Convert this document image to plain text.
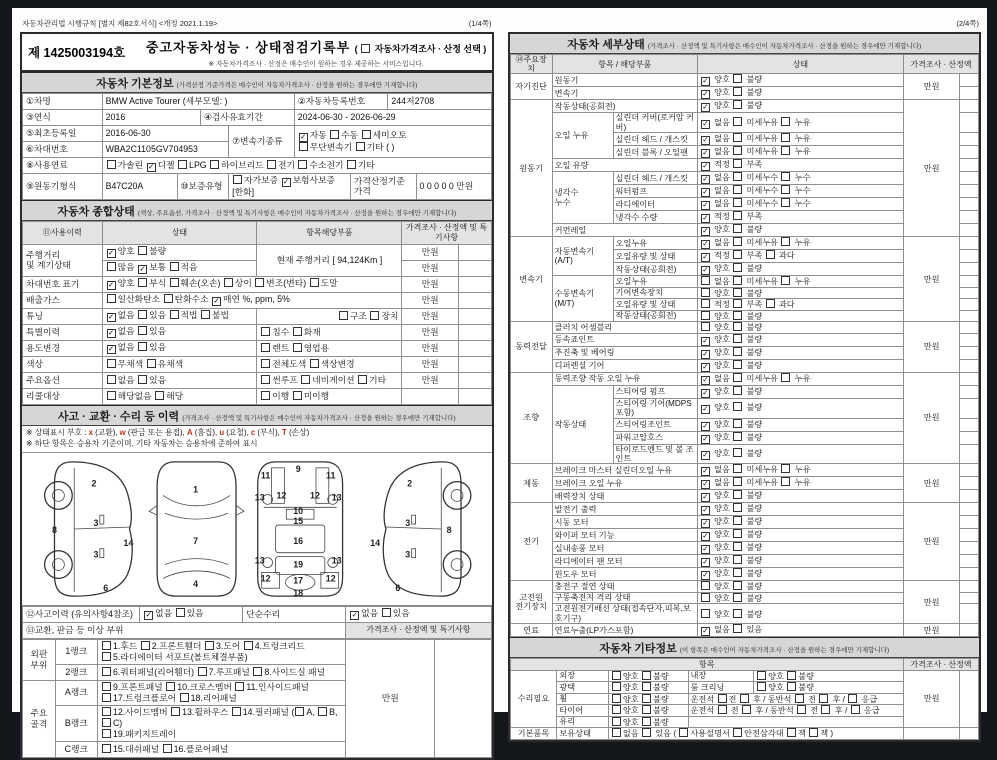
자동차관리법 시행규칙 [별지 제82호서식] <개정 2021.1.19>	(1/4쪽)
제 1425003194호	중고자동차성능 · 상태점검기록부 (  자동차가격조사 · 산정 선택 )
※ 자동차가격조사 · 산정은 매수인이 원하는 경우 제공하는 서비스입니다.
자동차 기본정보 (가격산정 기준가격은 매수인이 자동차가격조사 · 산정을 원하는 경우에만 기재합니다)
①차명	BMW Active Tourer (세부모델: )				②자동차등록번호		244저2708	
③연식	2016		④검사유효기간		2024-06-30 - 2026-06-29			
⑤최초등록일	2016-06-30			⑦변속기종류	✓ 자동 수동 세미오토
무단변속기 기타 ( )			
⑥차대번호	WBA2C1105GV704953							
⑧사용연료	가솔린 ✓ 디젤 LPG 하이브리드 전기 수소전기 기타							
⑨원동기형식	B47C20A	⑩보증유형		자가보증 ✓ 보험사보증 [한화]		가격산정기준가격		0 0 0 0 0 만원
자동차 종합상태 (색상, 주요옵션, 가격조사 · 산정액 및 특기사항은 매수인이 자동차가격조사 · 산정을 원하는 경우에만 기재합니다)
⑪사용이력	상태	항목해당부품	가격조사 · 산정액 및 특기사항	
주행거리
및 계기상태	✓ 양호 불량	현재 주행거리 [ 94,124Km ]	만원	
	많음 ✓ 보통 적음		만원	
차대번호 표기	✓ 양호 부식 훼손(오손) 상이 변조(변타) 도말		만원	
배출가스	일산화탄소 탄화수소 ✓ 매연 %, ppm, 5%		만원	
튜닝	✓ 없음 있음 적법 불법	구조 장치	만원	
특별이력	✓ 없음 있음	침수 화재	만원	
용도변경	✓ 없음 있음	렌트 영업용	만원	
색상	무채색 유채색	전체도색 색상변경	만원	
주요옵션	없음 있음	썬루프 네비게이션 기타	만원	
리콜대상	해당없음 해당	이행 미이행		
사고 · 교환 · 수리 등 이력 (가격조사 · 산정액 및 특기사항은 매수인이 자동차가격조사 · 산정을 원하는 경우에만 기재합니다)
※ 상태표시 부호 : x (교환), w (판금 또는 용접), A (흠집), u (요철), c (부식), T (손상)
※ 하단 항목은 승용차 기준이며, 기타 자동차는 승용차에 준하여 표시
2
8
3
3
14
6
1
7
4
11
9
11
13 12	12 13
10
15
16
19
13	13
12	17	12
18
2
8
3
3
14
6
⑫사고이력 (유의사항4참조)	✓ 없음 있음	단순수리	✓ 없음 있음
⑬교환, 판금 등 이상 부위			가격조사 · 산정액 및 특기사항
외판
부위	1랭크	1.후드 2.프론트휀더 3.도어 4.트렁크리드
5.라디에이터 서포트(볼트체결부품)	만원	
	2랭크	6.쿼터패널(리어휀더) 7.루프패널 8.사이드실 패널		
주요
골격	A랭크	9.프론트패널 10.크로스멤버 11.인사이드패널
17.트렁크플로어 18.리어패널		
	B랭크	12.사이드멤버 13.휠하우스 14.필러패널 ( A, B, C)
19.패키지트레이		
	C랭크	15.대쉬패널 16.플로어패널		
(2/4쪽)
자동차 세부상태 (가격조사 · 산정액 및 특기사항은 매수인이 자동차가격조사 · 산정을 원하는 경우에만 기재합니다)
⑭주요장치	항목 / 해당부품		상태	가격조사 · 산정액	
자기진단	원동기		✓ 양호  불량	만원	
	변속기		✓ 양호  불량		
원동기	작동상태(공회전)		✓ 양호  불량	만원	
	오일 누유	실린더 커버(로커암 커버)	✓ 없음  미세누유  누유		
		실린더 헤드 / 개스킷	✓ 없음  미세누유  누유		
		실린더 블록 / 오일팬	✓ 없음  미세누유  누유		
	오일 유량		✓ 적정  부족		
	냉각수
누수	실린더 헤드 / 개스킷	✓ 없음  미세누수  누수		
		워터펌프	✓ 없음  미세누수  누수		
		라디에이터	✓ 없음  미세누수  누수		
		냉각수 수량	✓ 적정  부족		
	커먼레일		✓ 양호  불량		
변속기	자동변속기
(A/T)	오일누유	✓ 없음  미세누유  누유	만원	
		오일유량 및 상태	✓ 적정  부족  과다		
		작동상태(공회전)	✓ 양호  불량		
	수동변속기
(M/T)	오일누유	없음  미세누유  누유		
		기어변속장치	양호  불량		
		오일유량 및 상태	적정  부족  과다		
		작동상태(공회전)	양호  불량		
동력전달	클러치 어셈블리		양호  불량	만원	
	등속죠인트		✓ 양호  불량		
	추진축 및 베어링		✓ 양호  불량		
	디퍼렌셜 기어		✓ 양호  불량		
조향	동력조향 작동 오일 누유		✓ 없음  미세누유  누유	만원	
	작동상태	스티어링 펌프	✓ 양호  불량		
		스티어링 기어(MDPS포함)	✓ 양호  불량		
		스티어링조인트	✓ 양호  불량		
		파워고압호스	✓ 양호  불량		
		타이로드엔드 및 볼 조인트	✓ 양호  불량		
제동	브레이크 마스터 실린더오일 누유		✓ 없음  미세누유  누유	만원	
	브레이크 오일 누유		✓ 없음  미세누유  누유		
	배력장치 상태		✓ 양호  불량		
전기	발전기 출력		✓ 양호  불량	만원	
	시동 모터		✓ 양호  불량		
	와이퍼 모터 기능		✓ 양호  불량		
	실내송풍 모터		✓ 양호  불량		
	라디에이터 팬 모터		✓ 양호  불량		
	윈도우 모터		✓ 양호  불량		
고전원
전기장치	충전구 절연 상태		양호  불량	만원	
	구동축전지 격리 상태		양호  불량		
	고전원전기배선 상태(접속단자,피복,보호기구)		양호  불량		
연료	연료누출(LP가스포함)		✓ 없음  있음	만원	
자동차 기타정보 (이 항목은 매수인이 자동차가격조사 · 산정을 원하는 경우에만 기재합니다)
항목					가격조사 · 산정액	
수리필요	외장	양호 불량	내장	양호 불량	만원	
	광택	양호 불량	룸 크리닝	양호 불량		
	휠	양호 불량	운전석 전  후 / 동반석  전  후 /  응급			
	타이어	양호 불량	운전석  전  후 / 동반석  전  후 /  응급			
	유리	양호 불량				
기본품목	보유상태	없음  있음 ( 사용설명서 안전삼각대 잭 잭 )				
